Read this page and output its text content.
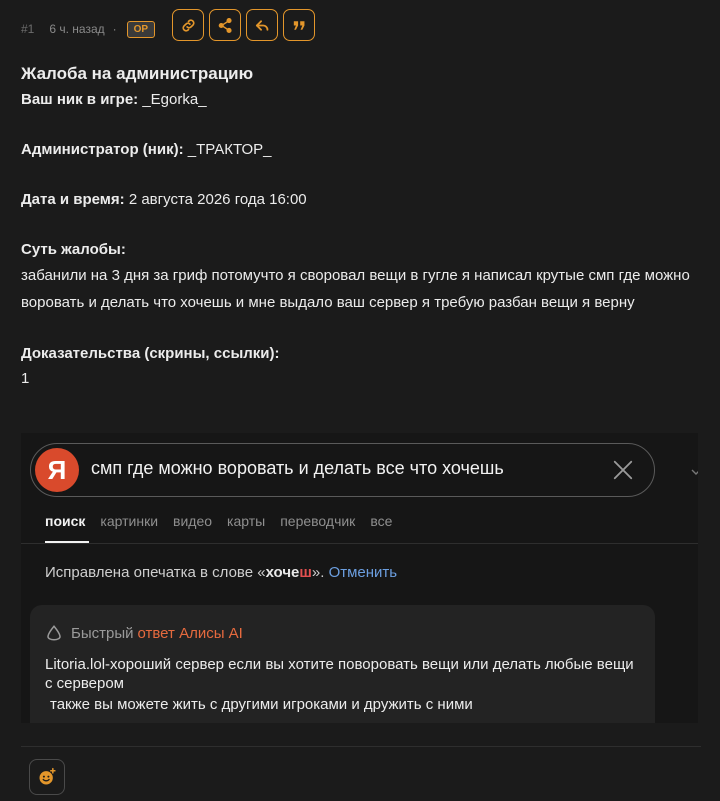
#1 6 ч. назад ·	OP
Жалоба на администрацию
Ваш ник в игре: _Egorka_
Администратор (ник): _ТРАКТОР_
Дата и время: 2 августа 2026 года 16:00
Суть жалобы:
забанили на 3 дня за гриф потомучто я своровал вещи в гугле я написал крутые смп где можно воровать и делать что хочешь и мне выдало ваш сервер я требую разбан вещи я верну
Доказательства (скрины, ссылки):
1
Я	смп где можно воровать и делать все что хочешь
поиск картинки видео карты переводчик все
Исправлена опечатка в слове «хочеш». Отменить
Быстрый ответ Алисы AI
Litoria.lol-хороший сервер если вы хотите поворовать вещи или делать любые вещи с сервером
также вы можете жить с другими игроками и дружить с ними
